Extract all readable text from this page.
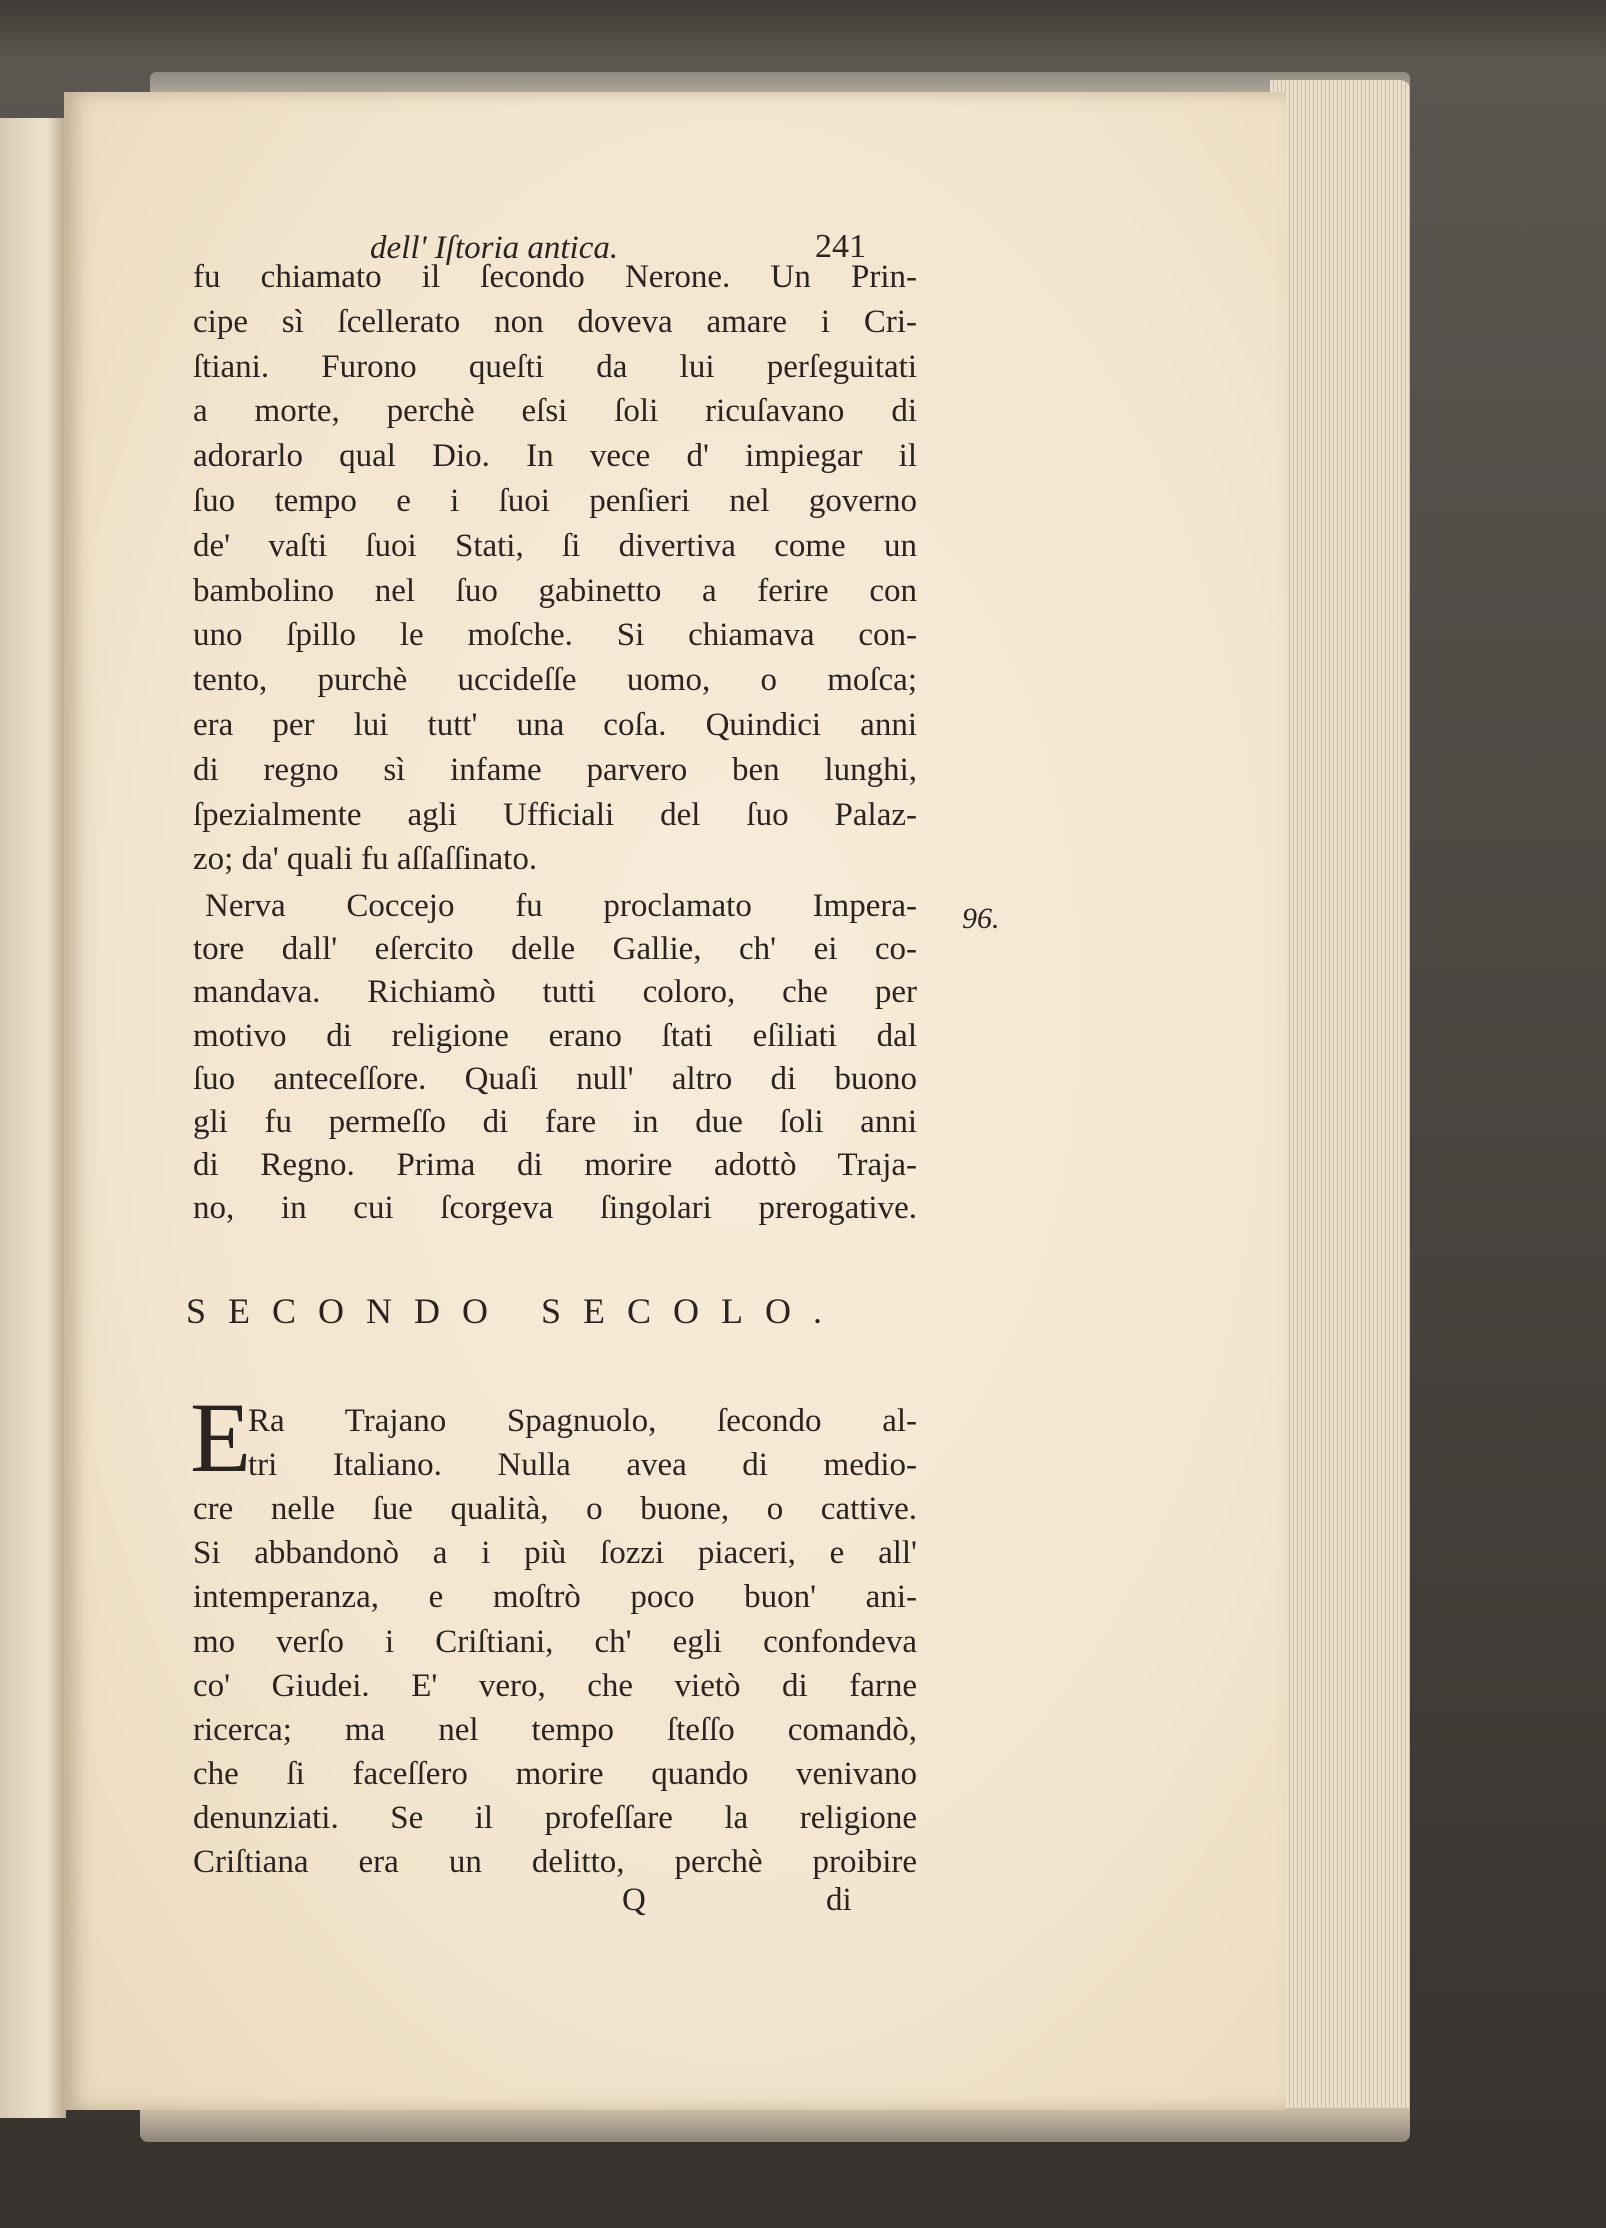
dell' Iſtoria antica.	241
96.
fu chiamato il ſecondo Nerone. Un Prin-
cipe sì ſcellerato non doveva amare i Cri-
ſtiani. Furono queſti da lui perſeguitati
a morte, perchè eſsi ſoli ricuſavano di
adorarlo qual Dio. In vece d' impiegar il
ſuo tempo e i ſuoi penſieri nel governo
de' vaſti ſuoi Stati, ſi divertiva come un
bambolino nel ſuo gabinetto a ferire con
uno ſpillo le moſche. Si chiamava con-
tento, purchè uccideſſe uomo, o moſca;
era per lui tutt' una coſa. Quindici anni
di regno sì infame parvero ben lunghi,
ſpezialmente agli Ufficiali del ſuo Palaz-
zo; da' quali fu aſſaſſinato.
Nerva Coccejo fu proclamato Impera-
tore dall' eſercito delle Gallie, ch' ei co-
mandava. Richiamò tutti coloro, che per
motivo di religione erano ſtati eſiliati dal
ſuo anteceſſore. Quaſi null' altro di buono
gli fu permeſſo di fare in due ſoli anni
di Regno. Prima di morire adottò Traja-
no, in cui ſcorgeva ſingolari prerogative.
SECONDO SECOLO.
E
Ra Trajano Spagnuolo, ſecondo al-
tri Italiano. Nulla avea di medio-
cre nelle ſue qualità, o buone, o cattive.
Si abbandonò a i più ſozzi piaceri, e all'
intemperanza, e moſtrò poco buon' ani-
mo verſo i Criſtiani, ch' egli confondeva
co' Giudei. E' vero, che vietò di farne
ricerca; ma nel tempo ſteſſo comandò,
che ſi faceſſero morire quando venivano
denunziati. Se il profeſſare la religione
Criſtiana era un delitto, perchè proibire
Q	di
